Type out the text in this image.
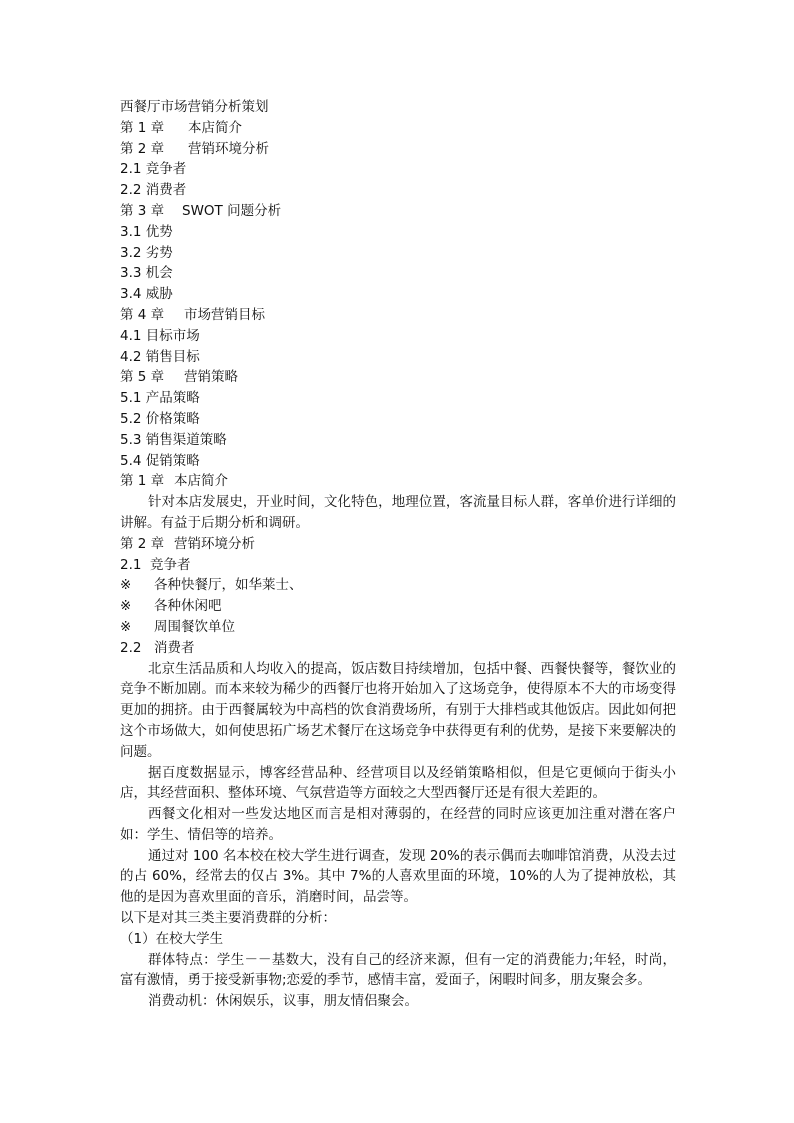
西餐厅市场营销分析策划
第 1 章 本店简介
第 2 章 营销环境分析
2.1 竞争者
2.2 消费者
第 3 章 SWOT 问题分析
3.1 优势
3.2 劣势
3.3 机会
3.4 威胁
第 4 章 市场营销目标
4.1 目标市场
4.2 销售目标
第 5 章 营销策略
5.1 产品策略
5.2 价格策略
5.3 销售渠道策略
5.4 促销策略
第 1 章 本店简介
针对本店发展史，开业时间，文化特色，地理位置，客流量目标人群，客单价进行详细的讲解。有益于后期分析和调研。
第 2 章 营销环境分析
2.1 竞争者
※ 各种快餐厅，如华莱士、
※ 各种休闲吧
※ 周围餐饮单位
2.2 消费者
北京生活品质和人均收入的提高，饭店数目持续增加，包括中餐、西餐快餐等，餐饮业的竞争不断加剧。而本来较为稀少的西餐厅也将开始加入了这场竞争，使得原本不大的市场变得更加的拥挤。由于西餐属较为中高档的饮食消费场所，有别于大排档或其他饭店。因此如何把这个市场做大，如何使思拓广场艺术餐厅在这场竞争中获得更有利的优势，是接下来要解决的问题。
据百度数据显示，博客经营品种、经营项目以及经销策略相似，但是它更倾向于街头小店，其经营面积、整体环境、气氛营造等方面较之大型西餐厅还是有很大差距的。
西餐文化相对一些发达地区而言是相对薄弱的，在经营的同时应该更加注重对潜在客户如：学生、情侣等的培养。
通过对 100 名本校在校大学生进行调查，发现 20%的表示偶而去咖啡馆消费，从没去过的占 60%，经常去的仅占 3%。其中 7%的人喜欢里面的环境，10%的人为了提神放松，其他的是因为喜欢里面的音乐，消磨时间，品尝等。
以下是对其三类主要消费群的分析：
（1）在校大学生
群体特点：学生－－基数大，没有自己的经济来源，但有一定的消费能力;年轻，时尚，富有激情，勇于接受新事物;恋爱的季节，感情丰富，爱面子，闲暇时间多，朋友聚会多。
消费动机：休闲娱乐，议事，朋友情侣聚会。
